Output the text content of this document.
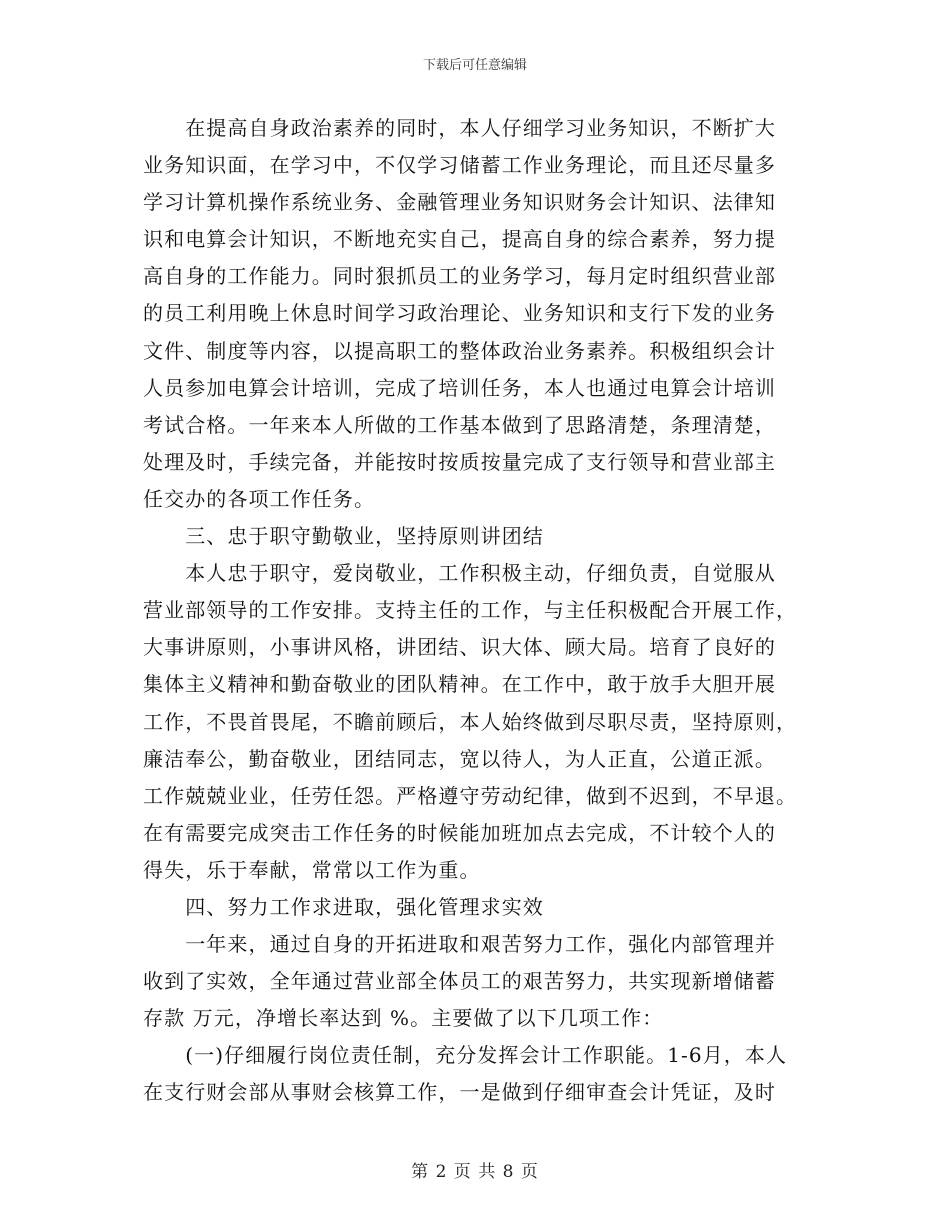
下载后可任意编辑
　　在提高自身政治素养的同时，本人仔细学习业务知识，不断扩大
业务知识面，在学习中，不仅学习储蓄工作业务理论，而且还尽量多
学习计算机操作系统业务、金融管理业务知识财务会计知识、法律知
识和电算会计知识，不断地充实自己，提高自身的综合素养，努力提
高自身的工作能力。同时狠抓员工的业务学习，每月定时组织营业部
的员工利用晚上休息时间学习政治理论、业务知识和支行下发的业务
文件、制度等内容，以提高职工的整体政治业务素养。积极组织会计
人员参加电算会计培训，完成了培训任务，本人也通过电算会计培训
考试合格。一年来本人所做的工作基本做到了思路清楚，条理清楚，
处理及时，手续完备，并能按时按质按量完成了支行领导和营业部主
任交办的各项工作任务。
　　三、忠于职守勤敬业，坚持原则讲团结
　　本人忠于职守，爱岗敬业，工作积极主动，仔细负责，自觉服从
营业部领导的工作安排。支持主任的工作，与主任积极配合开展工作，
大事讲原则，小事讲风格，讲团结、识大体、顾大局。培育了良好的
集体主义精神和勤奋敬业的团队精神。在工作中，敢于放手大胆开展
工作，不畏首畏尾，不瞻前顾后，本人始终做到尽职尽责，坚持原则，
廉洁奉公，勤奋敬业，团结同志，宽以待人，为人正直，公道正派。
工作兢兢业业，任劳任怨。严格遵守劳动纪律，做到不迟到，不早退。
在有需要完成突击工作任务的时候能加班加点去完成，不计较个人的
得失，乐于奉献，常常以工作为重。
　　四、努力工作求进取，强化管理求实效
　　一年来，通过自身的开拓进取和艰苦努力工作，强化内部管理并
收到了实效，全年通过营业部全体员工的艰苦努力，共实现新增储蓄
存款 万元，净增长率达到 %。主要做了以下几项工作：
　　(一)仔细履行岗位责任制，充分发挥会计工作职能。1-6月，本人
在支行财会部从事财会核算工作，一是做到仔细审查会计凭证，及时
第 2 页 共 8 页
